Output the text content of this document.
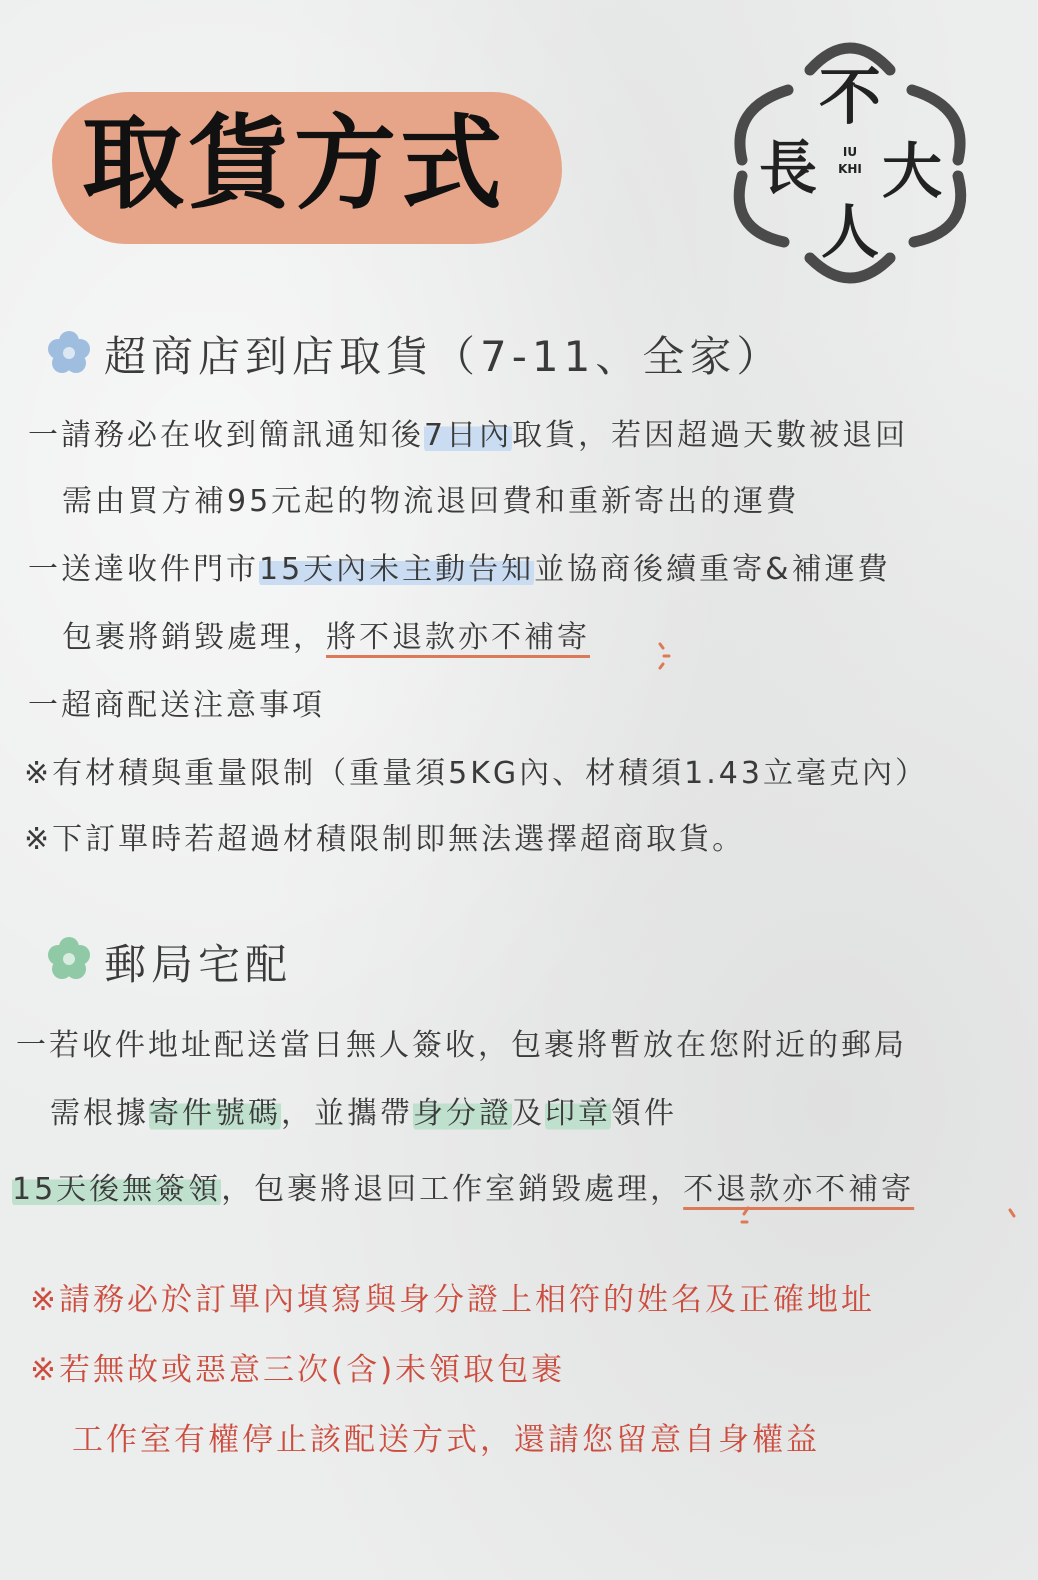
取貨方式
不
長 大
人
IU
KHI
超商店到店取貨（7-11、全家）
一請務必在收到簡訊通知後7日內取貨，若因超過天數被退回
需由買方補95元起的物流退回費和重新寄出的運費
一送達收件門市15天內未主動告知並協商後續重寄&補運費
包裹將銷毀處理，將不退款亦不補寄
一超商配送注意事項
※有材積與重量限制（重量須5KG內、材積須1.43立毫克內）
※下訂單時若超過材積限制即無法選擇超商取貨。
郵局宅配
一若收件地址配送當日無人簽收，包裹將暫放在您附近的郵局
需根據寄件號碼，並攜帶身分證及印章領件
15天後無簽領，包裹將退回工作室銷毀處理，不退款亦不補寄
※請務必於訂單內填寫與身分證上相符的姓名及正確地址
※若無故或惡意三次(含)未領取包裹
工作室有權停止該配送方式，還請您留意自身權益
